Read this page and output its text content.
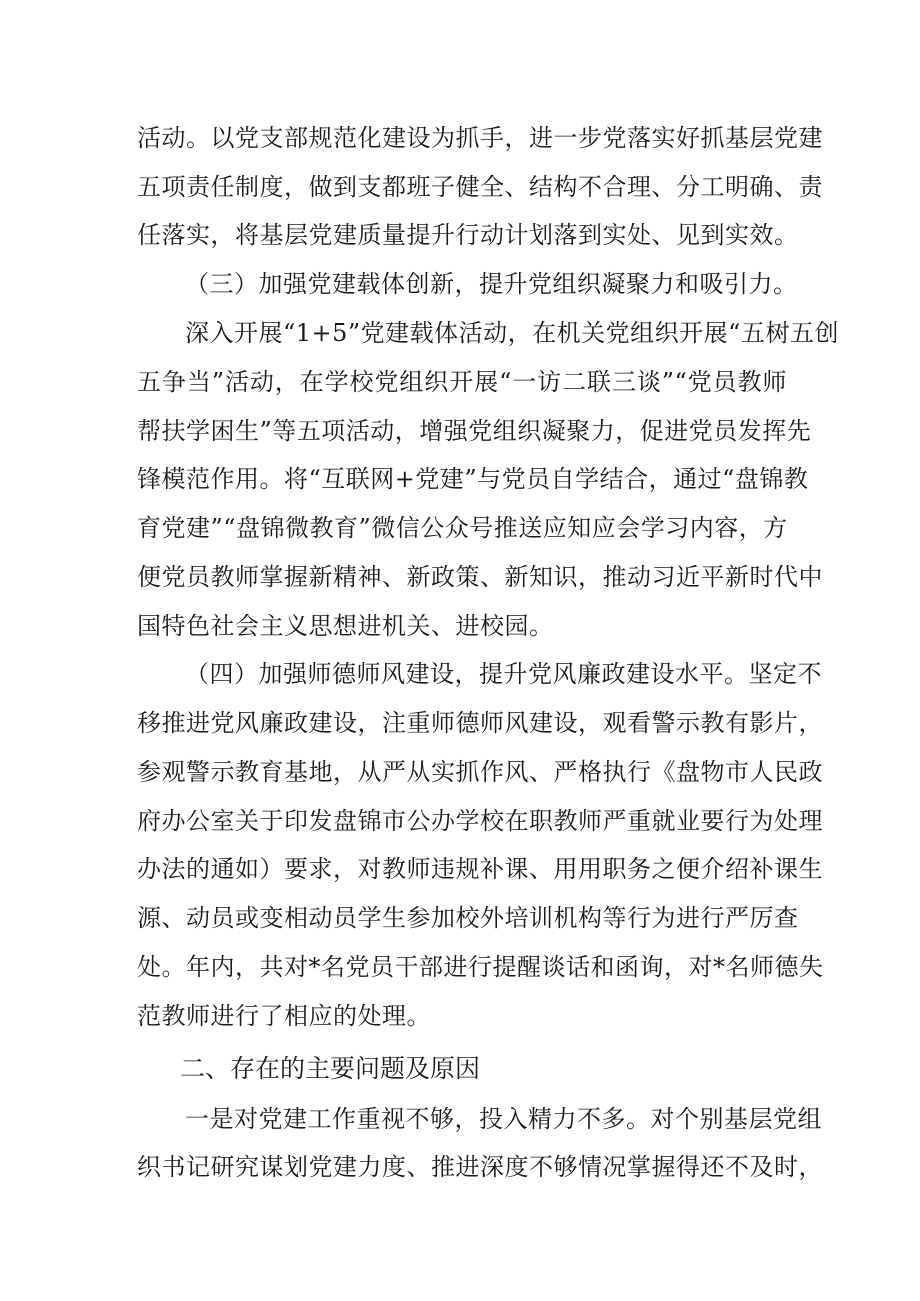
活动。以党支部规范化建设为抓手，进一步党落实好抓基层党建
五项责任制度，做到支都班子健全、结构不合理、分工明确、责
任落实，将基层党建质量提升行动计划落到实处、见到实效。
（三）加强党建载体创新，提升党组织凝聚力和吸引力。
深入开展“1+5”党建载体活动，在机关党组织开展“五树五创
五争当”活动，在学校党组织开展“一访二联三谈”“党员教师
帮扶学困生”等五项活动，增强党组织凝聚力，促进党员发挥先
锋模范作用。将“互联网+党建”与党员自学结合，通过“盘锦教
育党建”“盘锦微教育”微信公众号推送应知应会学习内容，方
便党员教师掌握新精神、新政策、新知识，推动习近平新时代中
国特色社会主义思想进机关、进校园。
（四）加强师德师风建设，提升党风廉政建设水平。坚定不
移推进党风廉政建设，注重师德师风建设，观看警示教有影片，
参观警示教育基地，从严从实抓作风、严格执行《盘物市人民政
府办公室关于印发盘锦市公办学校在职教师严重就业要行为处理
办法的通如）要求，对教师违规补课、用用职务之便介绍补课生
源、动员或变相动员学生参加校外培训机构等行为进行严厉查
处。年内，共对*名党员干部进行提醒谈话和函询，对*名师德失
范教师进行了相应的处理。
二、存在的主要问题及原因
一是对党建工作重视不够，投入精力不多。对个别基层党组
织书记研究谋划党建力度、推进深度不够情况掌握得还不及时，
